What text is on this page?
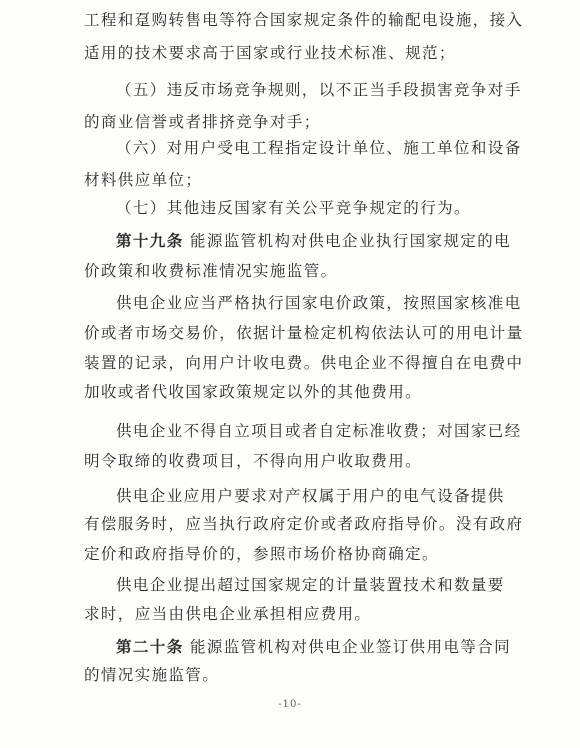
工程和趸购转售电等符合国家规定条件的输配电设施，接入
适用的技术要求高于国家或行业技术标准、规范；
（五）违反市场竞争规则，以不正当手段损害竞争对手
的商业信誉或者排挤竞争对手；
（六）对用户受电工程指定设计单位、施工单位和设备
材料供应单位；
（七）其他违反国家有关公平竞争规定的行为。
第十九条 能源监管机构对供电企业执行国家规定的电
价政策和收费标准情况实施监管。
供电企业应当严格执行国家电价政策，按照国家核准电
价或者市场交易价，依据计量检定机构依法认可的用电计量
装置的记录，向用户计收电费。供电企业不得擅自在电费中
加收或者代收国家政策规定以外的其他费用。
供电企业不得自立项目或者自定标准收费；对国家已经
明令取缔的收费项目，不得向用户收取费用。
供电企业应用户要求对产权属于用户的电气设备提供
有偿服务时，应当执行政府定价或者政府指导价。没有政府
定价和政府指导价的，参照市场价格协商确定。
供电企业提出超过国家规定的计量装置技术和数量要
求时，应当由供电企业承担相应费用。
第二十条 能源监管机构对供电企业签订供用电等合同
的情况实施监管。
-10-
